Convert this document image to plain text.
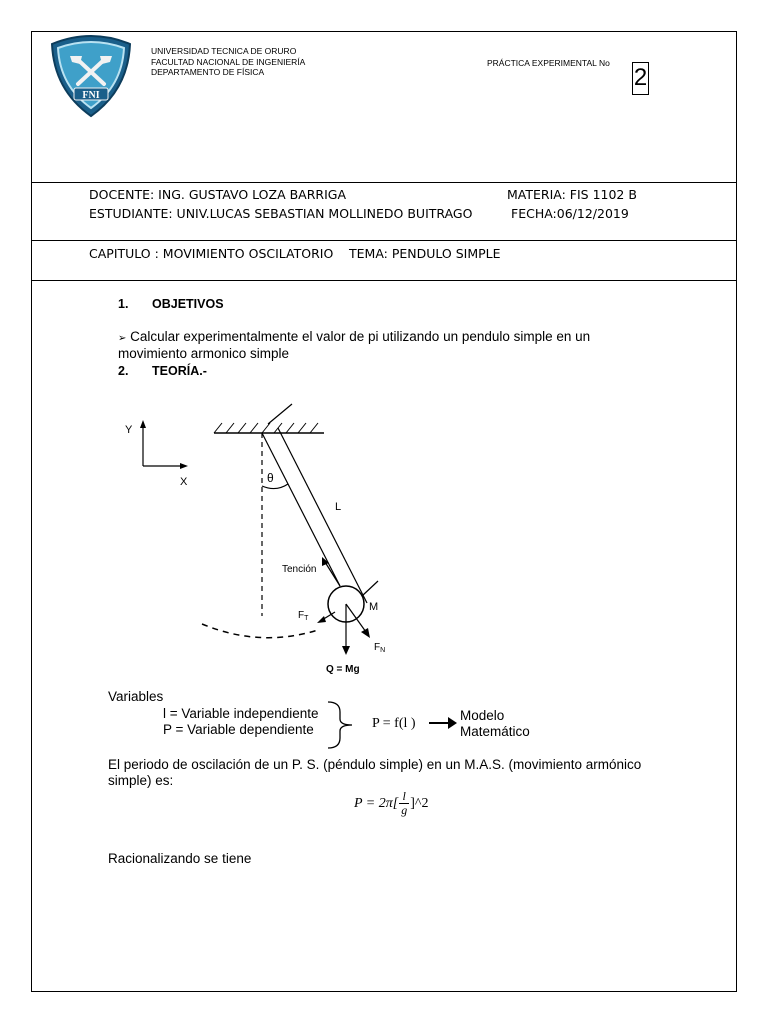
FNI
UNIVERSIDAD TECNICA DE ORURO
FACULTAD NACIONAL DE INGENIERÍA
DEPARTAMENTO DE FÍSICA
PRÁCTICA EXPERIMENTAL No
2
DOCENTE: ING. GUSTAVO LOZA BARRIGA	MATERIA: FIS 1102 B
ESTUDIANTE: UNIV.LUCAS SEBASTIAN MOLLINEDO BUITRAGO	FECHA:06/12/2019
CAPITULO : MOVIMIENTO OSCILATORIO TEMA: PENDULO SIMPLE
1. OBJETIVOS
➢ Calcular experimentalmente el valor de pi utilizando un pendulo simple en un
movimiento armonico simple
2. TEORÍA.-
Y
X	θ
L
Tención
M
$F_T$
$F_N$
Q = Mg
Variables
l = Variable independiente
P = Variable dependiente	P = f(l )
Modelo
Matemático
El periodo de oscilación de un P. S. (péndulo simple) en un M.A.S. (movimiento armónico
simple) es:
$P = 2\pi[ \frac{l}{g}$ ]^2
Racionalizando se tiene
